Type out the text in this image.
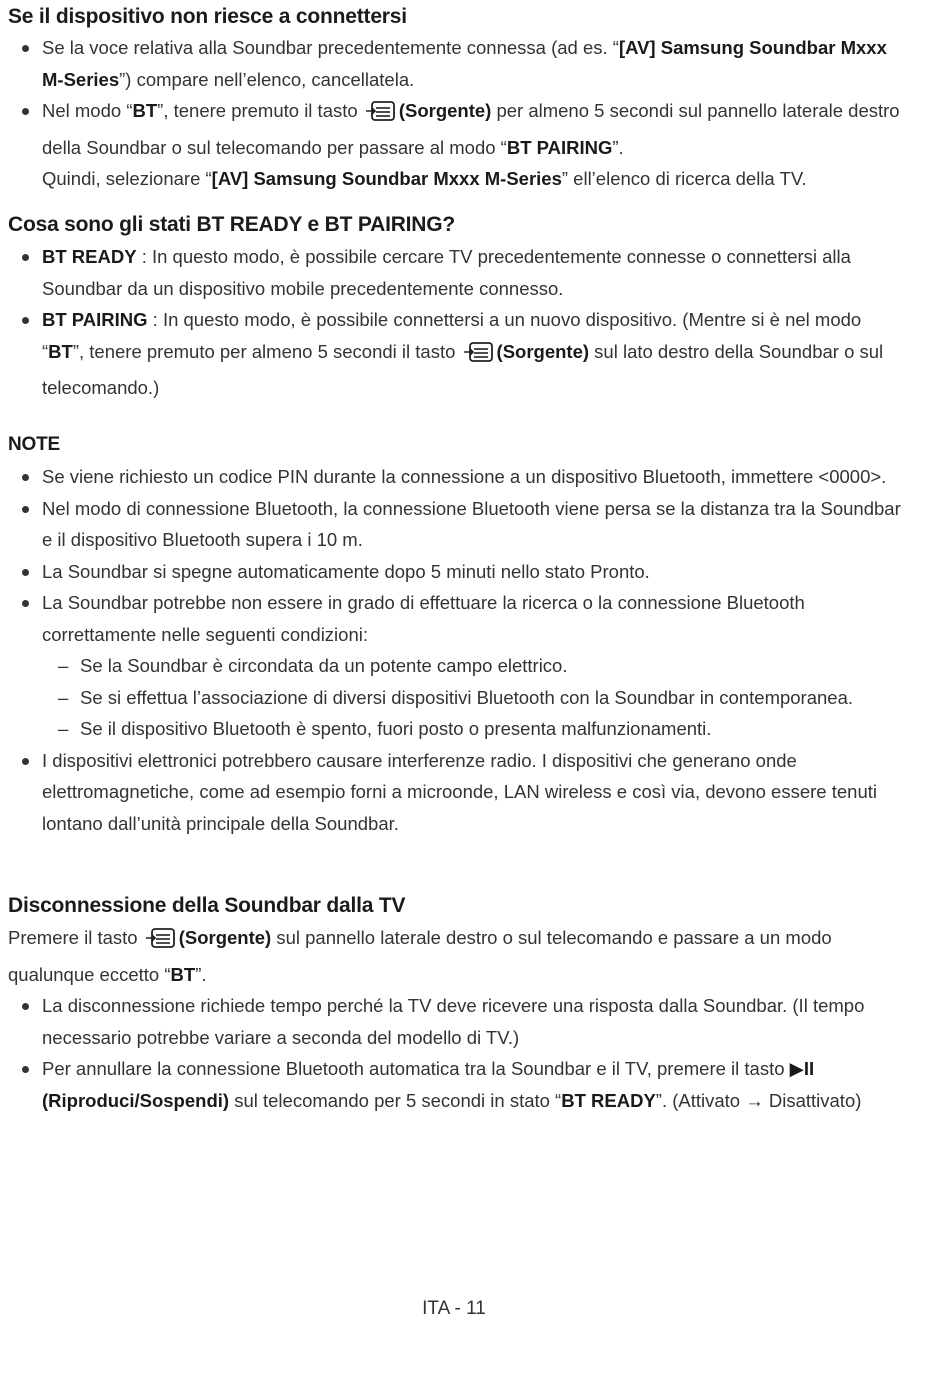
Se il dispositivo non riesce a connettersi
Se la voce relativa alla Soundbar precedentemente connessa (ad es. “[AV] Samsung Soundbar Mxxx M-Series”) compare nell’elenco, cancellatela.
Nel modo “BT”, tenere premuto il tasto (Sorgente) per almeno 5 secondi sul pannello laterale destro della Soundbar o sul telecomando per passare al modo “BT PAIRING”.
Quindi, selezionare “[AV] Samsung Soundbar Mxxx M-Series” ell’elenco di ricerca della TV.
Cosa sono gli stati BT READY e BT PAIRING?
BT READY : In questo modo, è possibile cercare TV precedentemente connesse o connettersi alla Soundbar da un dispositivo mobile precedentemente connesso.
BT PAIRING : In questo modo, è possibile connettersi a un nuovo dispositivo. (Mentre si è nel modo “BT”, tenere premuto per almeno 5 secondi il tasto (Sorgente) sul lato destro della Soundbar o sul telecomando.)
NOTE
Se viene richiesto un codice PIN durante la connessione a un dispositivo Bluetooth, immettere <0000>.
Nel modo di connessione Bluetooth, la connessione Bluetooth viene persa se la distanza tra la Soundbar e il dispositivo Bluetooth supera i 10 m.
La Soundbar si spegne automaticamente dopo 5 minuti nello stato Pronto.
La Soundbar potrebbe non essere in grado di effettuare la ricerca o la connessione Bluetooth correttamente nelle seguenti condizioni:
– Se la Soundbar è circondata da un potente campo elettrico.
– Se si effettua l’associazione di diversi dispositivi Bluetooth con la Soundbar in contemporanea.
– Se il dispositivo Bluetooth è spento, fuori posto o presenta malfunzionamenti.
I dispositivi elettronici potrebbero causare interferenze radio. I dispositivi che generano onde elettromagnetiche, come ad esempio forni a microonde, LAN wireless e così via, devono essere tenuti lontano dall’unità principale della Soundbar.
Disconnessione della Soundbar dalla TV

Premere il tasto (Sorgente) sul pannello laterale destro o sul telecomando e passare a un modo qualunque eccetto “BT”.

La disconnessione richiede tempo perché la TV deve ricevere una risposta dalla Soundbar. (Il tempo necessario potrebbe variare a seconda del modello di TV.)
Per annullare la connessione Bluetooth automatica tra la Soundbar e il TV, premere il tasto ▶II (Riproduci/Sospendi) sul telecomando per 5 secondi in stato “BT READY”. (Attivato → Disattivato)
ITA - 11
